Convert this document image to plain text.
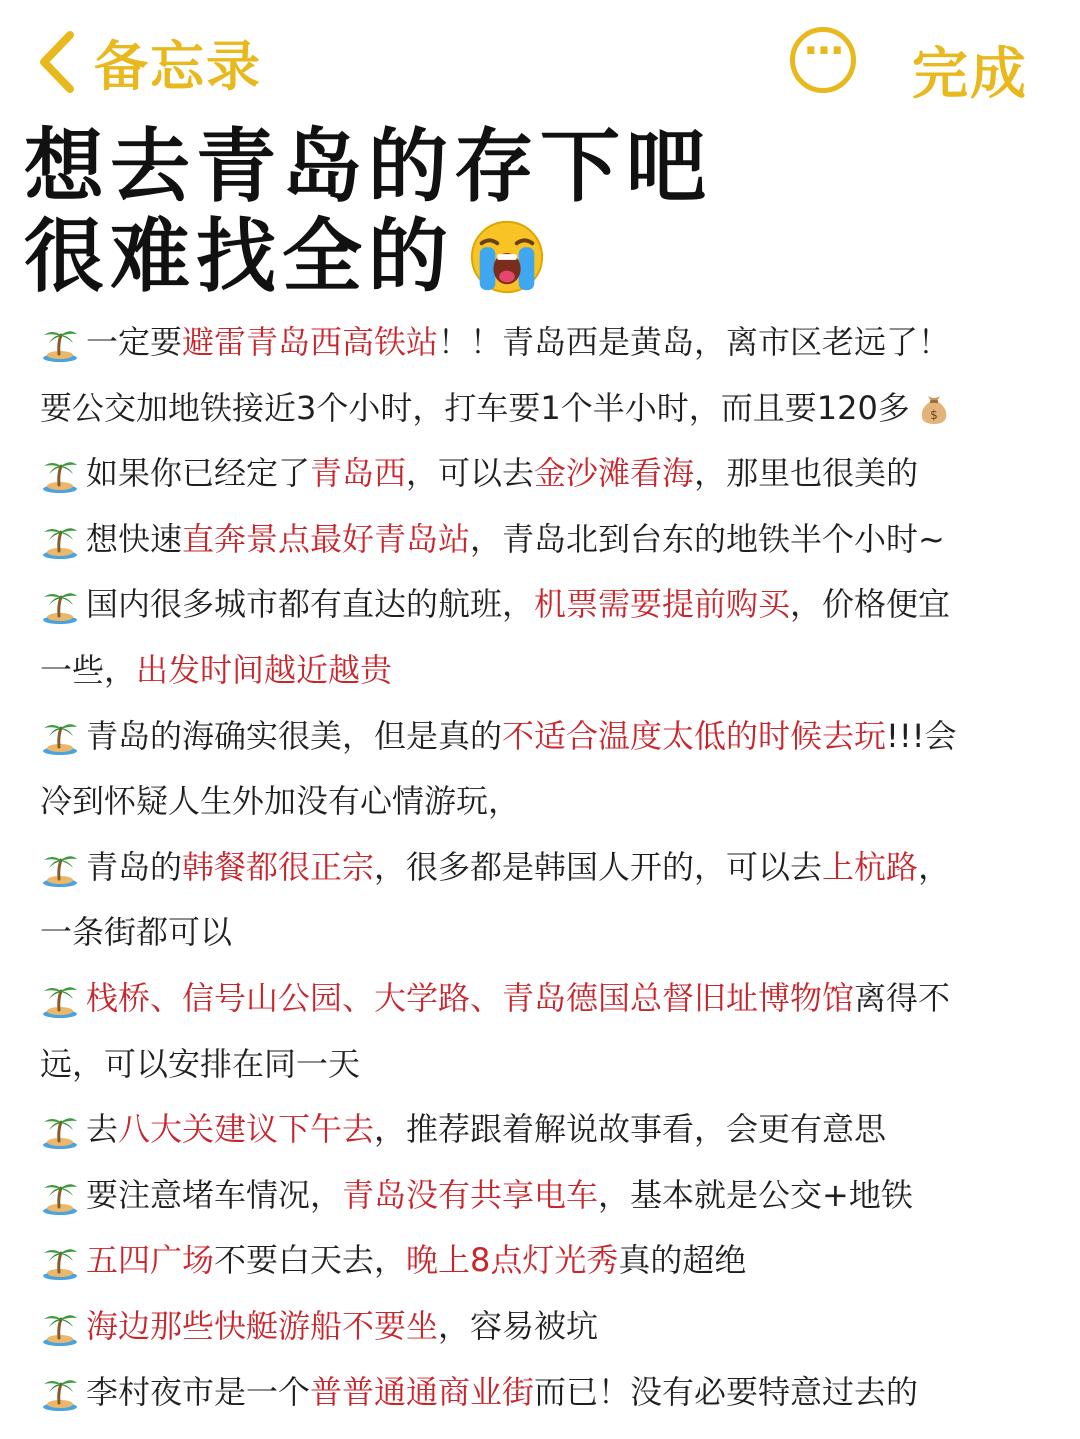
备忘录	··· 完成
想去青岛的存下吧
很难找全的
一定要 避雷青岛西高铁站 ！！青岛西是黄岛，离市区老远了！
要公交加地铁接近3个小时，打车要1个半小时，而且要120多 $
如果你已经定了 青岛西 ，可以去 金沙滩看海 ，那里也很美的
想快速 直奔景点最好青岛站 ，青岛北到台东的地铁半个小时~
国内很多城市都有直达的航班， 机票需要提前购买 ，价格便宜
一些， 出发时间越近越贵
青岛的海确实很美，但是真的 不适合温度太低的时候去玩 !!!会
冷到怀疑人生外加没有心情游玩，
青岛的 韩餐都很正宗 ，很多都是韩国人开的，可以去 上杭路 ，
一条街都可以
栈桥、信号山公园、大学路、青岛德国总督旧址博物馆 离得不
远，可以安排在同一天
去 八大关建议下午去 ，推荐跟着解说故事看，会更有意思
要注意堵车情况， 青岛没有共享电车 ，基本就是公交+地铁
五四广场 不要白天去， 晚上8点灯光秀 真的超绝
海边那些快艇游船不要坐 ，容易被坑
李村夜市是一个 普普通通商业街 而已！没有必要特意过去的
